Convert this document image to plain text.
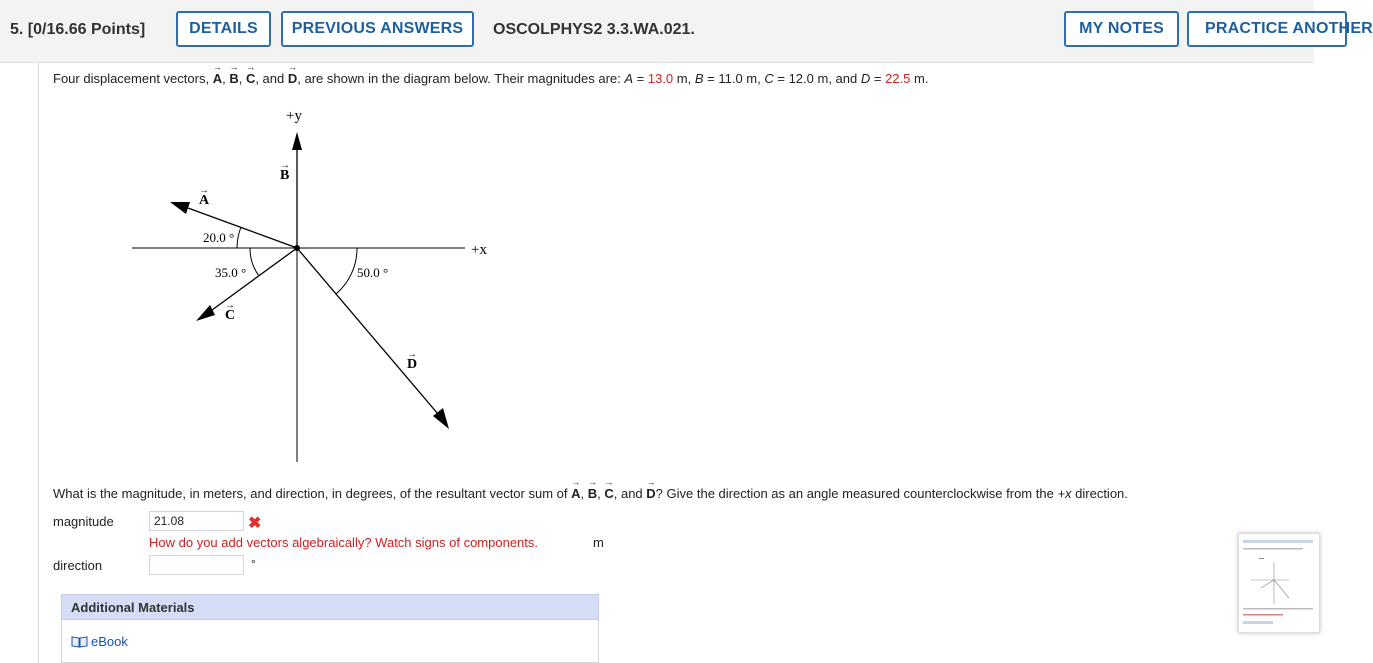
5. [0/16.66 Points]	DETAILS	PREVIOUS ANSWERS	OSCOLPHYS2 3.3.WA.021.	MY NOTES	PRACTICE ANOTHER
Four displacement vectors, → A, → B, → C, and → D, are shown in the diagram below. Their magnitudes are: A = 13.0 m, B = 11.0 m, C = 12.0 m, and D = 22.5 m.
+y
+x
B
→
A
→
C
→
D
→
20.0 °
35.0 °	50.0 °
What is the magnitude, in meters, and direction, in degrees, of the resultant vector sum of → A, → B, → C, and → D? Give the direction as an angle measured counterclockwise from the +x direction.
magnitude
21.08	✖
How do you add vectors algebraically? Watch signs of components.	m
direction	°
Additional Materials
eBook
